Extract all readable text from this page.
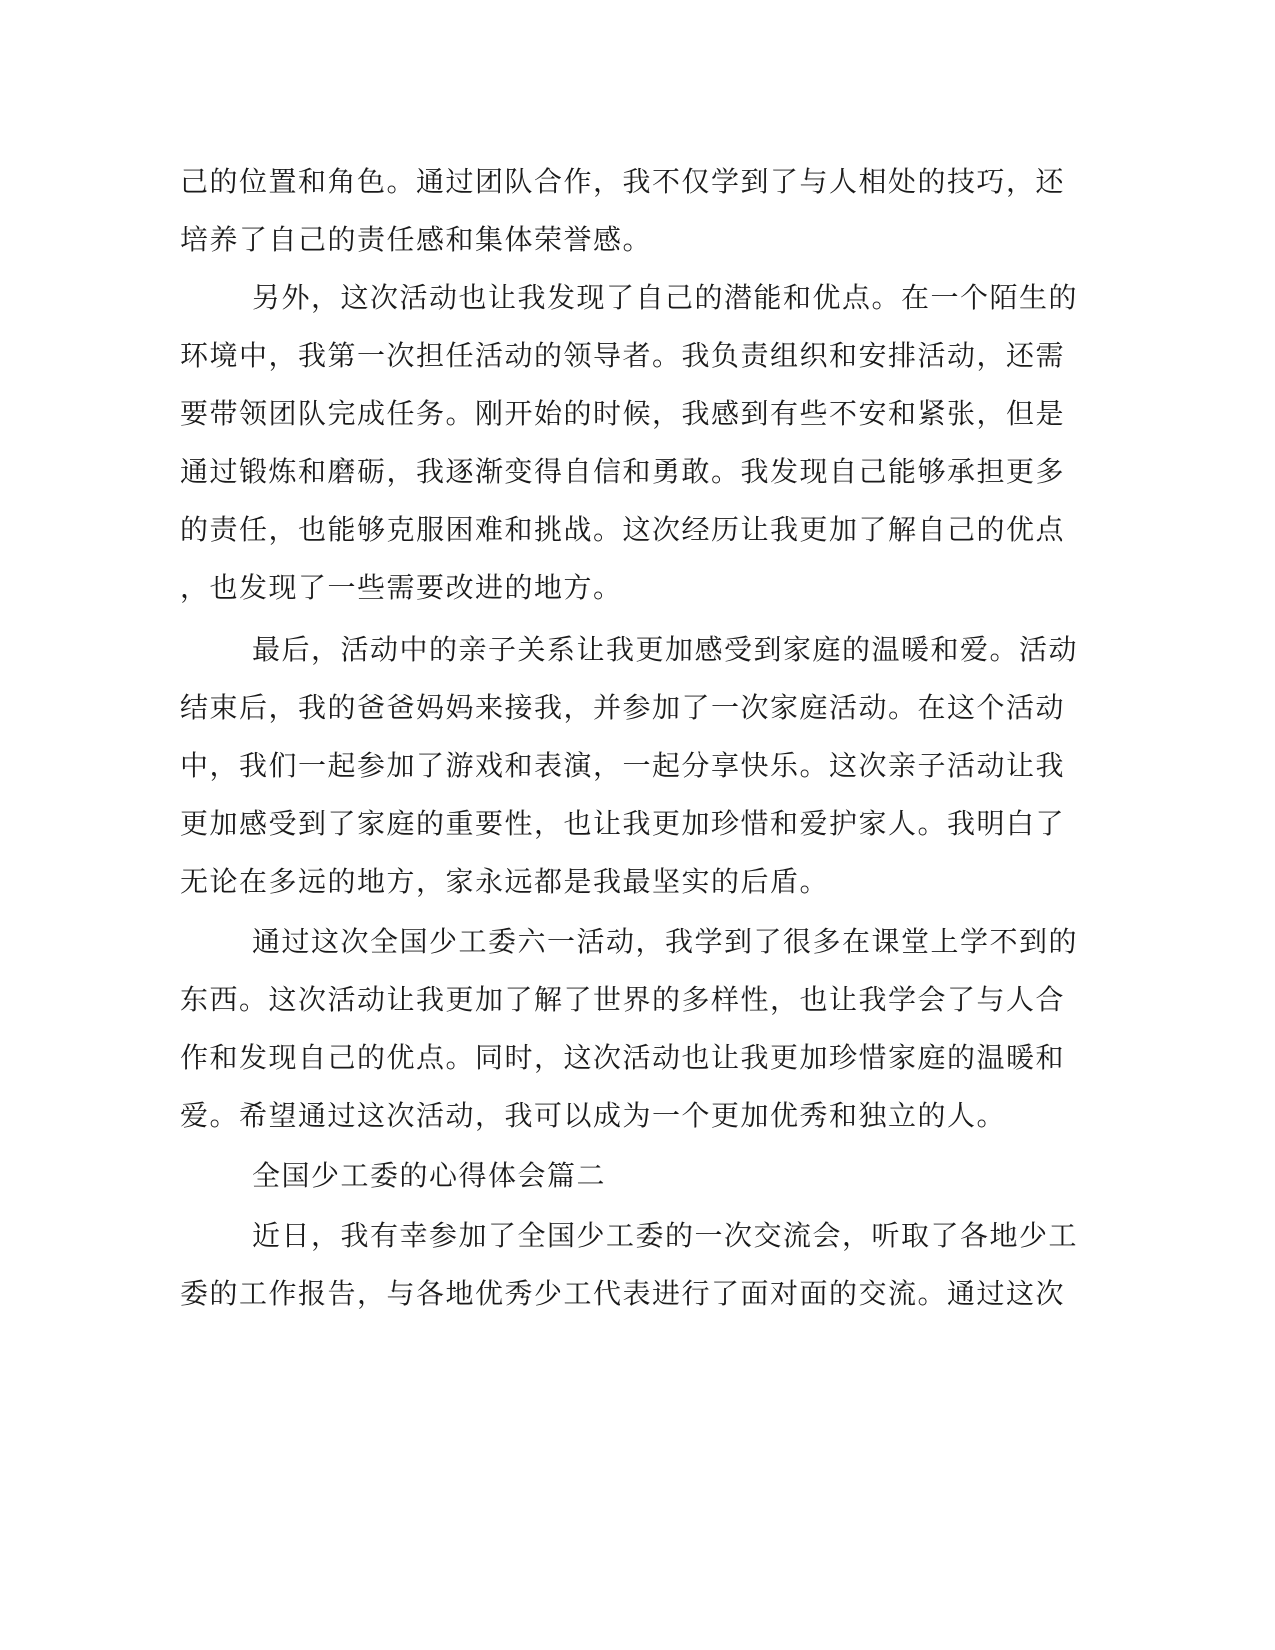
己的位置和角色。通过团队合作，我不仅学到了与人相处的技巧，还
培养了自己的责任感和集体荣誉感。
另外，这次活动也让我发现了自己的潜能和优点。在一个陌生的
环境中，我第一次担任活动的领导者。我负责组织和安排活动，还需
要带领团队完成任务。刚开始的时候，我感到有些不安和紧张，但是
通过锻炼和磨砺，我逐渐变得自信和勇敢。我发现自己能够承担更多
的责任，也能够克服困难和挑战。这次经历让我更加了解自己的优点
，也发现了一些需要改进的地方。
最后，活动中的亲子关系让我更加感受到家庭的温暖和爱。活动
结束后，我的爸爸妈妈来接我，并参加了一次家庭活动。在这个活动
中，我们一起参加了游戏和表演，一起分享快乐。这次亲子活动让我
更加感受到了家庭的重要性，也让我更加珍惜和爱护家人。我明白了
无论在多远的地方，家永远都是我最坚实的后盾。
通过这次全国少工委六一活动，我学到了很多在课堂上学不到的
东西。这次活动让我更加了解了世界的多样性，也让我学会了与人合
作和发现自己的优点。同时，这次活动也让我更加珍惜家庭的温暖和
爱。希望通过这次活动，我可以成为一个更加优秀和独立的人。
全国少工委的心得体会篇二
近日，我有幸参加了全国少工委的一次交流会，听取了各地少工
委的工作报告，与各地优秀少工代表进行了面对面的交流。通过这次
